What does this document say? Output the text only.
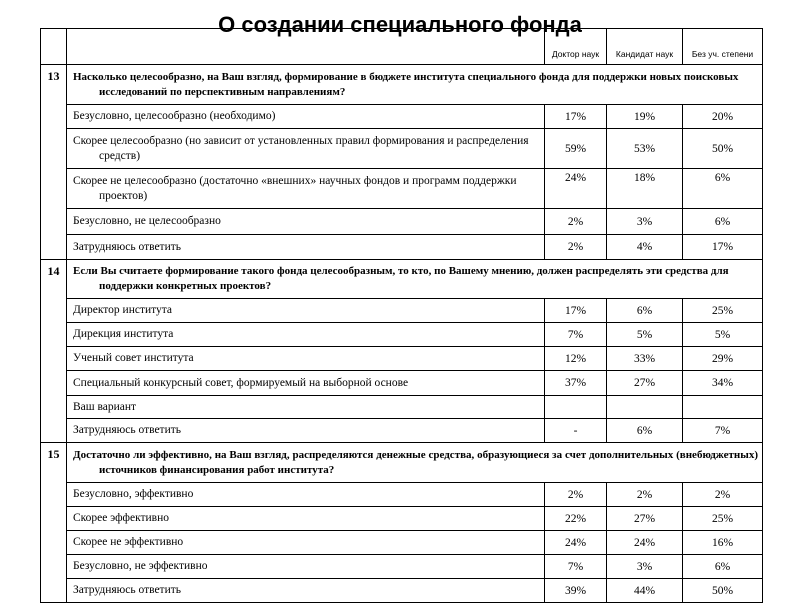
О создании специального фонда
		Доктор наук	Кандидат наук	Без уч. степени
13	Насколько целесообразно, на Ваш взгляд, формирование в бюджете института специального фонда для поддержки новых поисковых исследований по перспективным направлениям?			
	Безусловно, целесообразно (необходимо)	17%	19%	20%
	Скорее целесообразно (но зависит от установленных правил формирования и распределения средств)	59%	53%	50%
	Скорее не целесообразно (достаточно «внешних» научных фондов и программ поддержки проектов)	24%	18%	6%
	Безусловно, не целесообразно	2%	3%	6%
	Затрудняюсь ответить	2%	4%	17%
14	Если Вы считаете формирование такого фонда целесообразным, то кто, по Вашему мнению, должен распределять эти средства для поддержки конкретных проектов?			
	Директор института	17%	6%	25%
	Дирекция института	7%	5%	5%
	Ученый совет института	12%	33%	29%
	Специальный конкурсный совет, формируемый на выборной основе	37%	27%	34%
	Ваш вариант			
	Затрудняюсь ответить	-	6%	7%
15	Достаточно ли эффективно, на Ваш взгляд, распределяются денежные средства, образующиеся за счет дополнительных (внебюджетных) источников финансирования работ института?			
	Безусловно, эффективно	2%	2%	2%
	Скорее эффективно	22%	27%	25%
	Скорее не эффективно	24%	24%	16%
	Безусловно, не эффективно	7%	3%	6%
	Затрудняюсь ответить	39%	44%	50%
